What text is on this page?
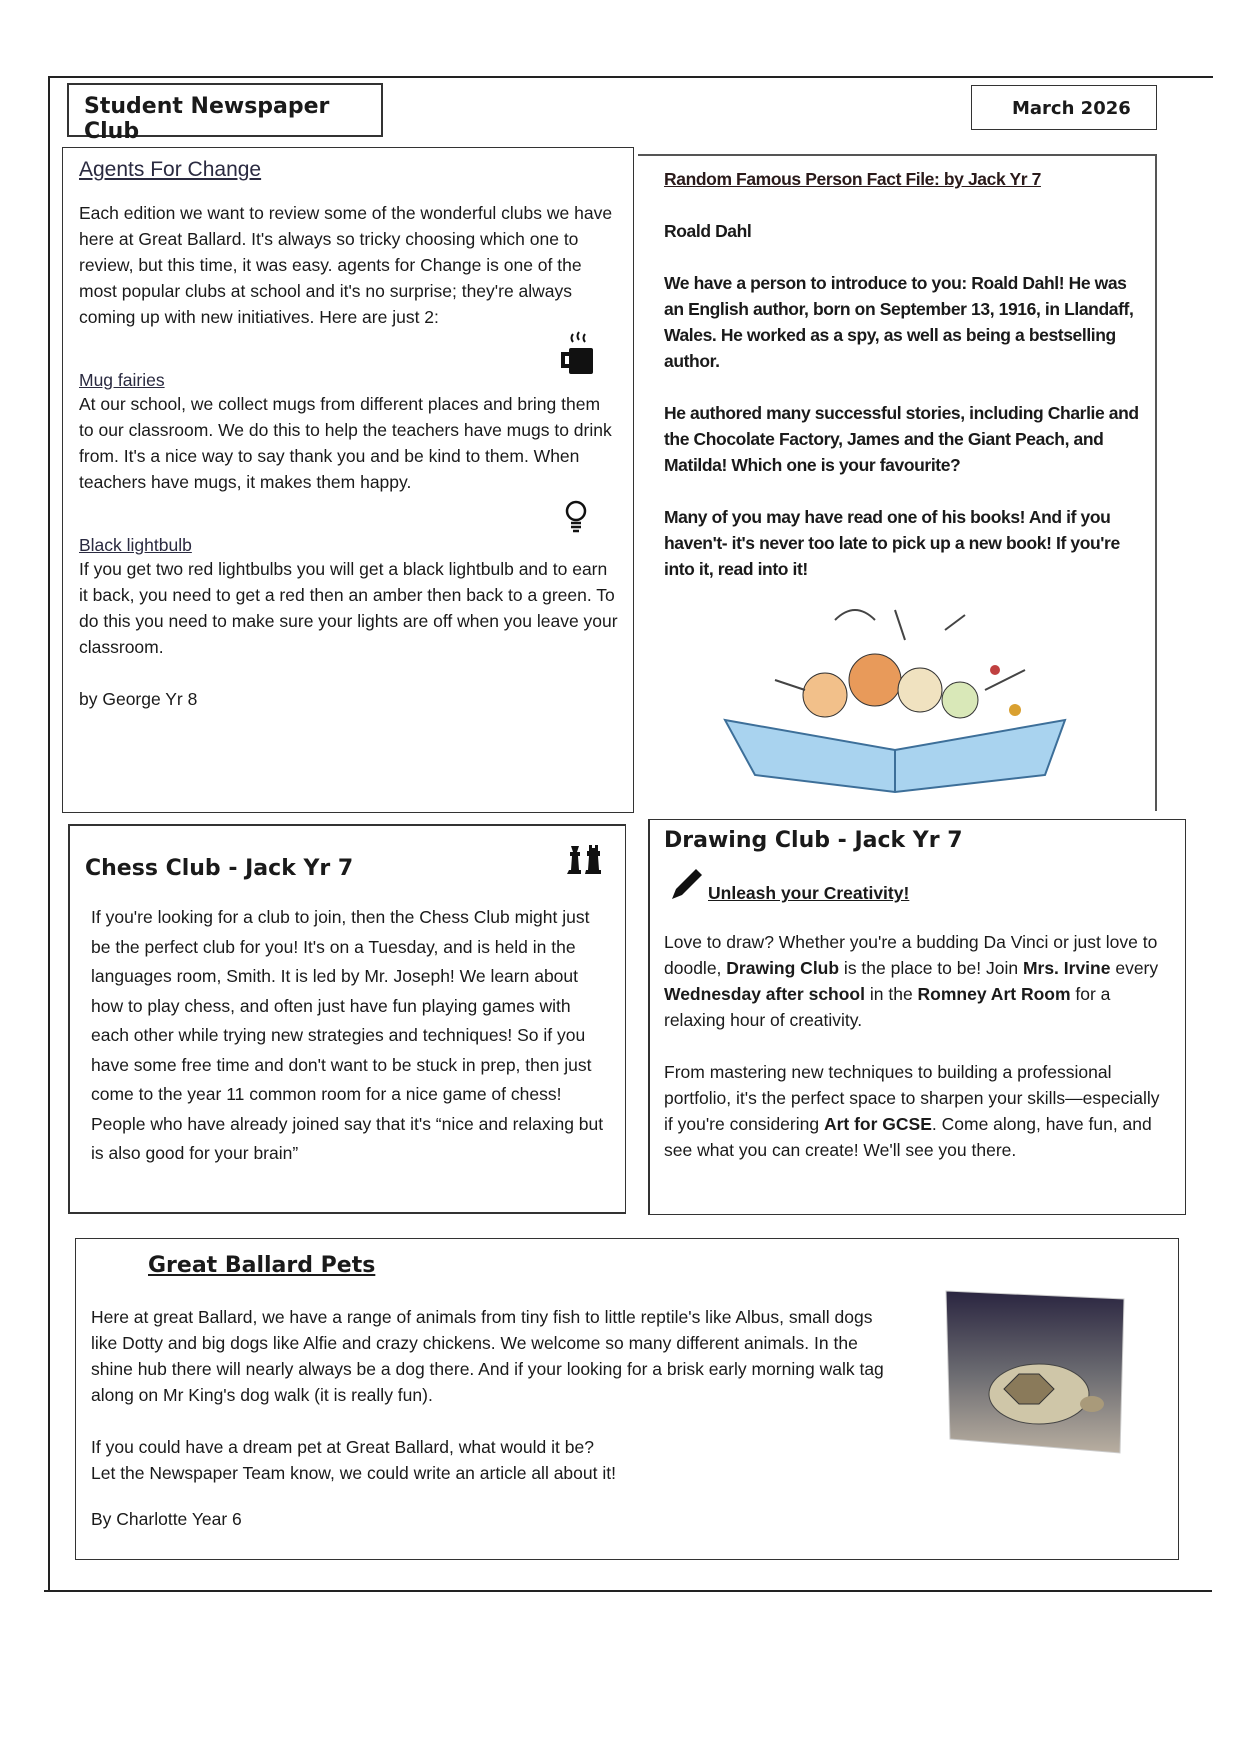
Student Newspaper Club
March 2026
Agents For Change
Each edition we want to review some of the wonderful clubs we have here at Great Ballard. It's always so tricky choosing which one to review, but this time, it was easy. agents for Change is one of the most popular clubs at school and it's no surprise; they're always coming up with new initiatives. Here are just 2:
Mug fairies
At our school, we collect mugs from different places and bring them to our classroom. We do this to help the teachers have mugs to drink from. It's a nice way to say thank you and be kind to them. When teachers have mugs, it makes them happy.
Black lightbulb
If you get two red lightbulbs you will get a black lightbulb and to earn it back, you need to get a red then an amber then back to a green. To do this you need to make sure your lights are off when you leave your classroom.
by George Yr 8
Random Famous Person Fact File: by Jack Yr 7
Roald Dahl

We have a person to introduce to you: Roald Dahl! He was an English author, born on September 13, 1916, in Llandaff, Wales. He worked as a spy, as well as being a bestselling author.

He authored many successful stories, including Charlie and the Chocolate Factory, James and the Giant Peach, and Matilda! Which one is your favourite?

Many of you may have read one of his books! And if you haven't- it's never too late to pick up a new book! If you're into it, read into it!

Chess Club - Jack Yr 7
If you're looking for a club to join, then the Chess Club might just be the perfect club for you! It's on a Tuesday, and is held in the languages room, Smith. It is led by Mr. Joseph! We learn about how to play chess, and often just have fun playing games with each other while trying new strategies and techniques! So if you have some free time and don't want to be stuck in prep, then just come to the year 11 common room for a nice game of chess! People who have already joined say that it's “nice and relaxing but is also good for your brain”
Drawing Club - Jack Yr 7
Unleash your Creativity!
Love to draw? Whether you're a budding Da Vinci or just love to doodle, Drawing Club is the place to be! Join Mrs. Irvine every Wednesday after school in the Romney Art Room for a relaxing hour of creativity.
From mastering new techniques to building a professional portfolio, it's the perfect space to sharpen your skills—especially if you're considering Art for GCSE. Come along, have fun, and see what you can create! We'll see you there.
Great Ballard Pets

Here at great Ballard, we have a range of animals from tiny fish to little reptile's like Albus, small dogs like Dotty and big dogs like Alfie and crazy chickens. We welcome so many different animals. In the shine hub there will nearly always be a dog there. And if your looking for a brisk early morning walk tag along on Mr King's dog walk (it is really fun).

If you could have a dream pet at Great Ballard, what would it be?
Let the Newspaper Team know, we could write an article all about it!
By Charlotte Year 6
